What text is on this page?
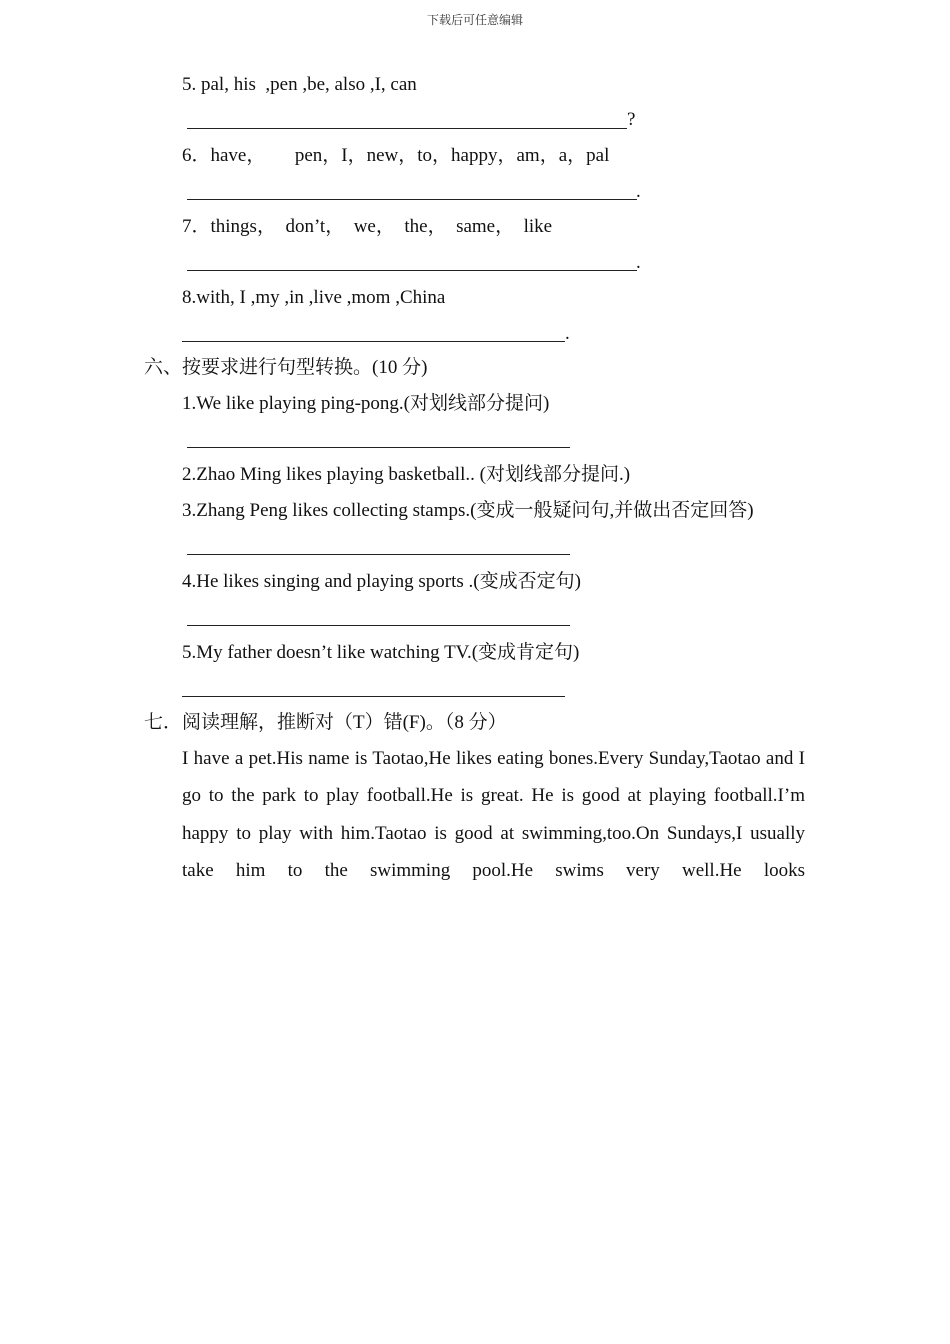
下载后可任意编辑
5. pal, his  ,pen ,be, also ,I, can
?
6．have，  pen，I，new，to，happy，am，a，pal
.
7．things，  don’t，  we，  the，  same，  like
.
8.with, I ,my ,in ,live ,mom ,China
.
六、按要求进行句型转换。(10 分)
1.We like playing ping-pong.(对划线部分提问)
2.Zhao Ming likes playing basketball.. (对划线部分提问.)
3.Zhang Peng likes collecting stamps.(变成一般疑问句,并做出否定回答)
4.He likes singing and playing sports .(变成否定句)
5.My father doesn’t like watching TV.(变成肯定句)
七．阅读理解，推断对（T）错(F)。（8 分）
I have a pet.His name is Taotao,He likes eating bones.Every Sunday,Taotao and I
go to the park to play football.He is great. He is good at playing football.I’m
happy to play with him.Taotao is good at swimming,too.On Sundays,I usually
take him to the swimming pool.He swims very well.He looks
